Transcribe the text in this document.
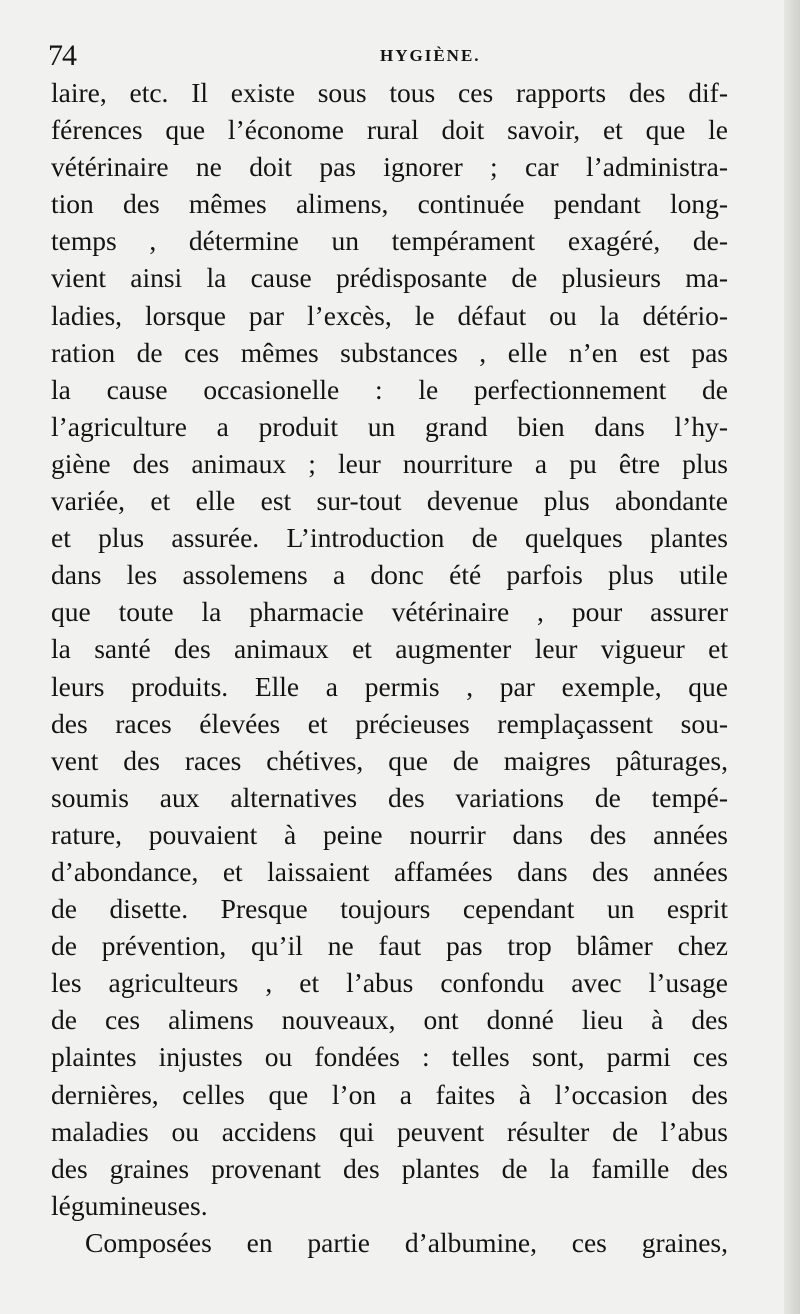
74	HYGIÈNE.
laire, etc. Il existe sous tous ces rapports des dif-
férences que l’économe rural doit savoir, et que le
vétérinaire ne doit pas ignorer ; car l’administra-
tion des mêmes alimens, continuée pendant long-
temps , détermine un tempérament exagéré, de-
vient ainsi la cause prédisposante de plusieurs ma-
ladies, lorsque par l’excès, le défaut ou la détério-
ration de ces mêmes substances , elle n’en est pas
la cause occasionelle : le perfectionnement de
l’agriculture a produit un grand bien dans l’hy-
giène des animaux ; leur nourriture a pu être plus
variée, et elle est sur-tout devenue plus abondante
et plus assurée. L’introduction de quelques plantes
dans les assolemens a donc été parfois plus utile
que toute la pharmacie vétérinaire , pour assurer
la santé des animaux et augmenter leur vigueur et
leurs produits. Elle a permis , par exemple, que
des races élevées et précieuses remplaçassent sou-
vent des races chétives, que de maigres pâturages,
soumis aux alternatives des variations de tempé-
rature, pouvaient à peine nourrir dans des années
d’abondance, et laissaient affamées dans des années
de disette. Presque toujours cependant un esprit
de prévention, qu’il ne faut pas trop blâmer chez
les agriculteurs , et l’abus confondu avec l’usage
de ces alimens nouveaux, ont donné lieu à des
plaintes injustes ou fondées : telles sont, parmi ces
dernières, celles que l’on a faites à l’occasion des
maladies ou accidens qui peuvent résulter de l’abus
des graines provenant des plantes de la famille des
légumineuses.
Composées en partie d’albumine, ces graines,
